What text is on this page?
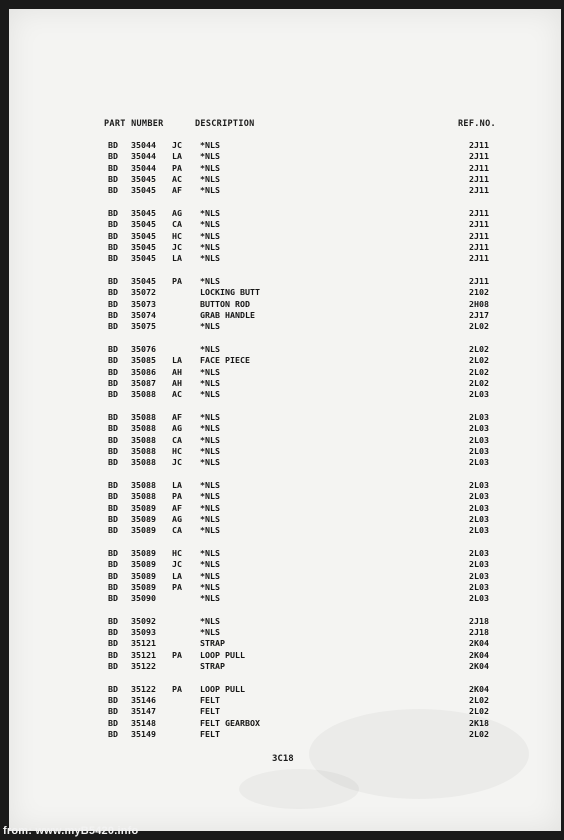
PART NUMBER	DESCRIPTION	REF.NO.
BD 35044 JC *NLS	2J11
BD 35044 LA *NLS	2J11
BD 35044 PA *NLS	2J11
BD 35045 AC *NLS	2J11
BD 35045 AF *NLS	2J11
BD 35045 AG *NLS	2J11
BD 35045 CA *NLS	2J11
BD 35045 HC *NLS	2J11
BD 35045 JC *NLS	2J11
BD 35045 LA *NLS	2J11
BD 35045 PA *NLS	2J11
BD 35072	LOCKING BUTT	2102
BD 35073	BUTTON ROD	2H08
BD 35074	GRAB HANDLE	2J17
BD 35075	*NLS	2L02
BD 35076	*NLS	2L02
BD 35085 LA FACE PIECE	2L02
BD 35086 AH *NLS	2L02
BD 35087 AH *NLS	2L02
BD 35088 AC *NLS	2L03
BD 35088 AF *NLS	2L03
BD 35088 AG *NLS	2L03
BD 35088 CA *NLS	2L03
BD 35088 HC *NLS	2L03
BD 35088 JC *NLS	2L03
BD 35088 LA *NLS	2L03
BD 35088 PA *NLS	2L03
BD 35089 AF *NLS	2L03
BD 35089 AG *NLS	2L03
BD 35089 CA *NLS	2L03
BD 35089 HC *NLS	2L03
BD 35089 JC *NLS	2L03
BD 35089 LA *NLS	2L03
BD 35089 PA *NLS	2L03
BD 35090	*NLS	2L03
BD 35092	*NLS	2J18
BD 35093	*NLS	2J18
BD 35121	STRAP	2K04
BD 35121 PA LOOP PULL	2K04
BD 35122	STRAP	2K04
BD 35122 PA LOOP PULL	2K04
BD 35146	FELT	2L02
BD 35147	FELT	2L02
BD 35148	FELT GEARBOX	2K18
BD 35149	FELT	2L02
3C18
from: www.myB5420.info
